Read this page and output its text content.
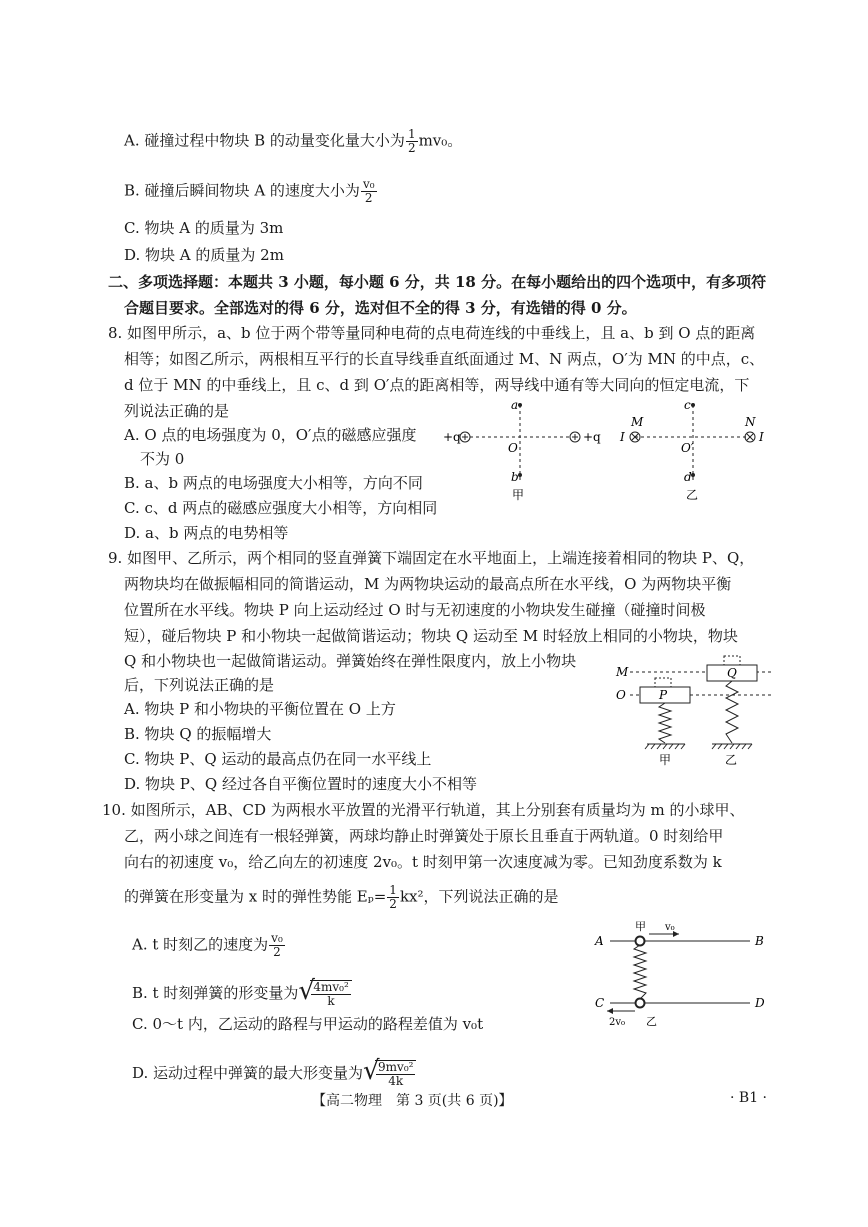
A. 碰撞过程中物块 B 的动量变化量大小为 $\frac{1}{2} mv_0$。
B. 碰撞后瞬间物块 A 的速度大小为 $\frac{\text{v₀}}{2}$
C. 物块 A 的质量为 3m
D. 物块 A 的质量为 2m
二、多项选择题：本题共 3 小题，每小题 6 分，共 18 分。在每小题给出的四个选项中，有多项符
合题目要求。全部选对的得 6 分，选对但不全的得 3 分，有选错的得 0 分。
8. 如图甲所示，a、b 位于两个带等量同种电荷的点电荷连线的中垂线上，且 a、b 到 O 点的距离
相等；如图乙所示，两根相互平行的长直导线垂直纸面通过 M、N 两点，O′为 MN 的中点，c、
d 位于 MN 的中垂线上，且 c、d 到 O′点的距离相等，两导线中通有等大同向的恒定电流，下
列说法正确的是
A. O 点的电场强度为 0，O′点的磁感应强度
不为 0
B. a、b 两点的电场强度大小相等，方向不同
C. c、d 两点的磁感应强度大小相等，方向相同
D. a、b 两点的电势相等
a
b
O
+q	+q
甲
c
d
O′
M	N
I	I
乙
9. 如图甲、乙所示，两个相同的竖直弹簧下端固定在水平地面上，上端连接着相同的物块 P、Q，
两物块均在做振幅相同的简谐运动，M 为两物块运动的最高点所在水平线，O 为两物块平衡
位置所在水平线。物块 P 向上运动经过 O 时与无初速度的小物块发生碰撞（碰撞时间极
短），碰后物块 P 和小物块一起做简谐运动；物块 Q 运动至 M 时轻放上相同的小物块，物块
Q 和小物块也一起做简谐运动。弹簧始终在弹性限度内，放上小物块
后，下列说法正确的是
A. 物块 P 和小物块的平衡位置在 O 上方
B. 物块 Q 的振幅增大
C. 物块 P、Q 运动的最高点仍在同一水平线上
D. 物块 P、Q 经过各自平衡位置时的速度大小不相等
M
O	P
甲
Q
乙
10. 如图所示，AB、CD 为两根水平放置的光滑平行轨道，其上分别套有质量均为 m 的小球甲、
乙，两小球之间连有一根轻弹簧，两球均静止时弹簧处于原长且垂直于两轨道。0 时刻给甲
向右的初速度 v₀，给乙向左的初速度 2v₀。t 时刻甲第一次速度减为零。已知劲度系数为 k
的弹簧在形变量为 x 时的弹性势能 $E_p= \frac{1}{2} kx^2$，下列说法正确的是
A. t 时刻乙的速度为 $\frac{\text{v₀}}{2}$
B. t 时刻弹簧的形变量为 √
$\frac{\text{4mv₀²}}{k}$
C. 0～t 内，乙运动的路程与甲运动的路程差值为 v₀t
D. 运动过程中弹簧的最大形变量为 √
$\frac{\text{9mv₀²}}{4k}$
A	B
C	D
甲
乙
v₀
2v₀
【高二物理　第 3 页(共 6 页)】	· B1 ·
